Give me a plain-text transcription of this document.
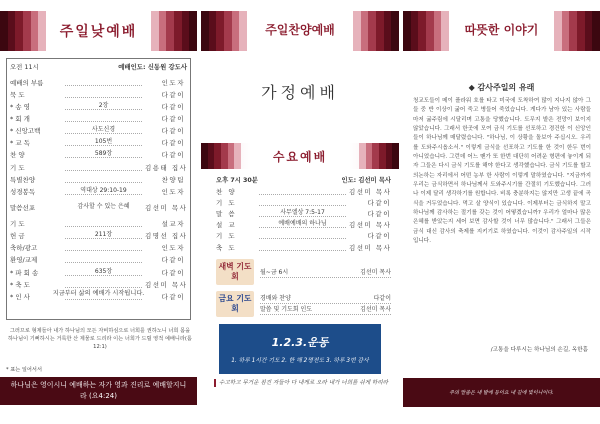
주일낮예배
오전 11시	예배인도: 신동원 강도사
예배의 부름	인도자
묵 도	다같이
* 송 영	2장	다같이
* 회 개	다같이
* 신앙고백	사도신경	다같이
* 교 독	105번	다같이
찬 양	589장	다같이
기 도	김용태 집사
특별찬양	찬양팀
성경봉독	역대상 29:10-19	인도자
말씀선포	감사할 수 있는 은혜	김선미 목사
기 도	설교자
헌 금	211장	김명선 집사
축하/광고	인도자
환영/교제	다같이
* 파 회 송	635장	다같이
* 축 도	김선미 목사
* 인 사	다같이
지금부터 삶의 예배가 시작됩니다.
그러므로 형제들아 내가 하나님의 모든 자비하심으로 너희를 권하노니 너희 몸을 하나님이 기뻐하시는 거룩한 산 제물로 드리라 이는 너희가 드릴 영적 예배니라(롬 12:1)
* 표는 일어서서
하나님은 영이시니 예배하는 자가 영과 진리로 예배할지니라 (요4:24)
주일찬양예배
가정예배
수요예배
오후 7시 30분	인도: 김선미 목사
찬 양	김선미 목사
기 도	다같이
말 씀	사무엘상 7:5-17	다같이
설 교	예배예배의 하나님	김선미 목사
기 도	다같이
축 도	김선미 목사
새벽 기도회	월~금 6시	김선미 목사
금요 기도회
경배와 찬양	다같이
말씀 및 기도회 인도	김선미 목사
1.2.3.운동
1. 하루 1시간 기도 2. 한 해 2명전도 3. 하루 3번 감사
수고하고 무거운 짐진 자들아 다 내게로 오라 내가 너희를 쉬게 하리라
따뜻한 이야기
◆ 감사주일의 유래
청교도들이 메이 플라워 호를 타고 미국에 도착하여 많이 지나지 않아 그들 중 반 이상이 굶어 죽고 병들어 죽었습니다. 게다가 남아 있는 사람들마저 굶주림에 시달리며 고통을 당했습니다. 도무지 밭은 전망이 보이지 않았습니다. 그래서 한곳에 모여 금식 기도를 선포하고 경건한 이 신앙인들이 하나님께 매달렸습니다. "하나님, 이 상황을 돌보아 주십시오. 우리를 도와주시옵소서." 이렇게 금식을 선포하고 기도를 한 것이 한두 번이 아니었습니다. 그런데 어느 땐가 또 한번 대단히 어려운 형편에 놓이게 되자 그들은 다시 금식 기도를 해야 한다고 생각했습니다. 금식 기도를 할고 의논하는 자리에서 어떤 농부 한 사람이 이렇게 말하였습니다. "지금까지 우리는 금식하면서 하나님께서 도와주시기를 간절히 기도했습니다. 그러나 이제 달리 생각하기를 원합니다. 비록 충분하지는 않지만 고생 끝에 곡식을 거두었습니다. 먹고 살 양식이 있습니다. 이제부터는 금식하지 말고 하나님께 감사하는 절기를 갖는 것이 어떻겠습니까? 우리가 얼마나 많은 은혜를 받았는지 세어 보면 감사할 것이 너무 많습니다." 그래서 그들은 금식 대신 감사의 축제를 지키기로 하였습니다. 이것이 감사주일의 시작입니다.
/고통을 다루시는 하나님의 손길, 옥한흠
주의 말씀은 내 발에 등이요 내 길에 빛이니이다.
